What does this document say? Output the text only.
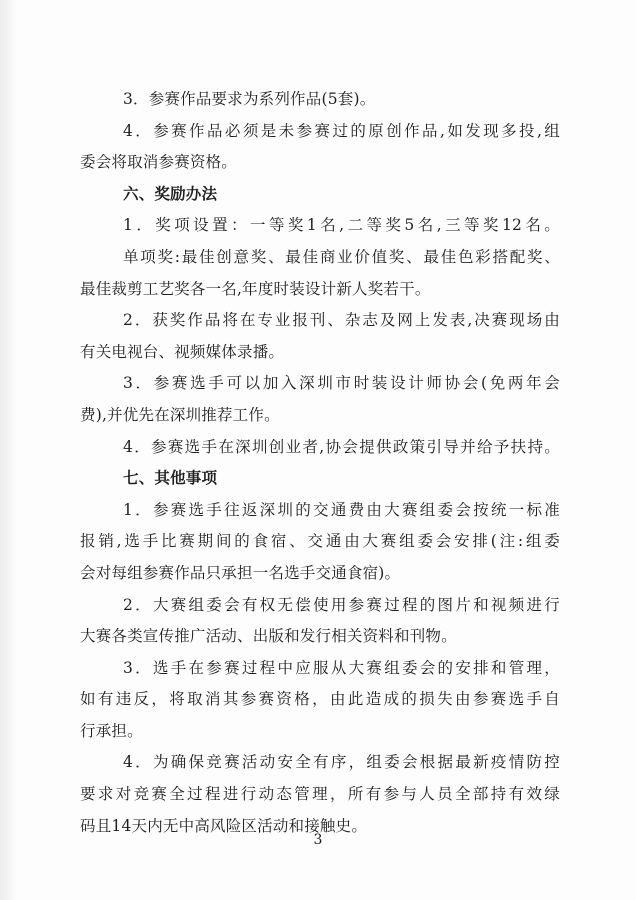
3．参赛作品要求为系列作品(5套)。
4．参赛作品必须是未参赛过的原创作品,如发现多投,组
委会将取消参赛资格。
六、奖励办法
1．奖项设置：一等奖1名,二等奖5名,三等奖12名。
单项奖:最佳创意奖、最佳商业价值奖、最佳色彩搭配奖、
最佳裁剪工艺奖各一名,年度时装设计新人奖若干。
2．获奖作品将在专业报刊、杂志及网上发表,决赛现场由
有关电视台、视频媒体录播。
3．参赛选手可以加入深圳市时装设计师协会(免两年会
费),并优先在深圳推荐工作。
4．参赛选手在深圳创业者,协会提供政策引导并给予扶持。
七、其他事项
1．参赛选手往返深圳的交通费由大赛组委会按统一标准
报销,选手比赛期间的食宿、交通由大赛组委会安排(注:组委
会对每组参赛作品只承担一名选手交通食宿)。
2．大赛组委会有权无偿使用参赛过程的图片和视频进行
大赛各类宣传推广活动、出版和发行相关资料和刊物。
3．选手在参赛过程中应服从大赛组委会的安排和管理，
如有违反，将取消其参赛资格，由此造成的损失由参赛选手自
行承担。
4．为确保竞赛活动安全有序，组委会根据最新疫情防控
要求对竞赛全过程进行动态管理，所有参与人员全部持有效绿
码且14天内无中高风险区活动和接触史。
3
